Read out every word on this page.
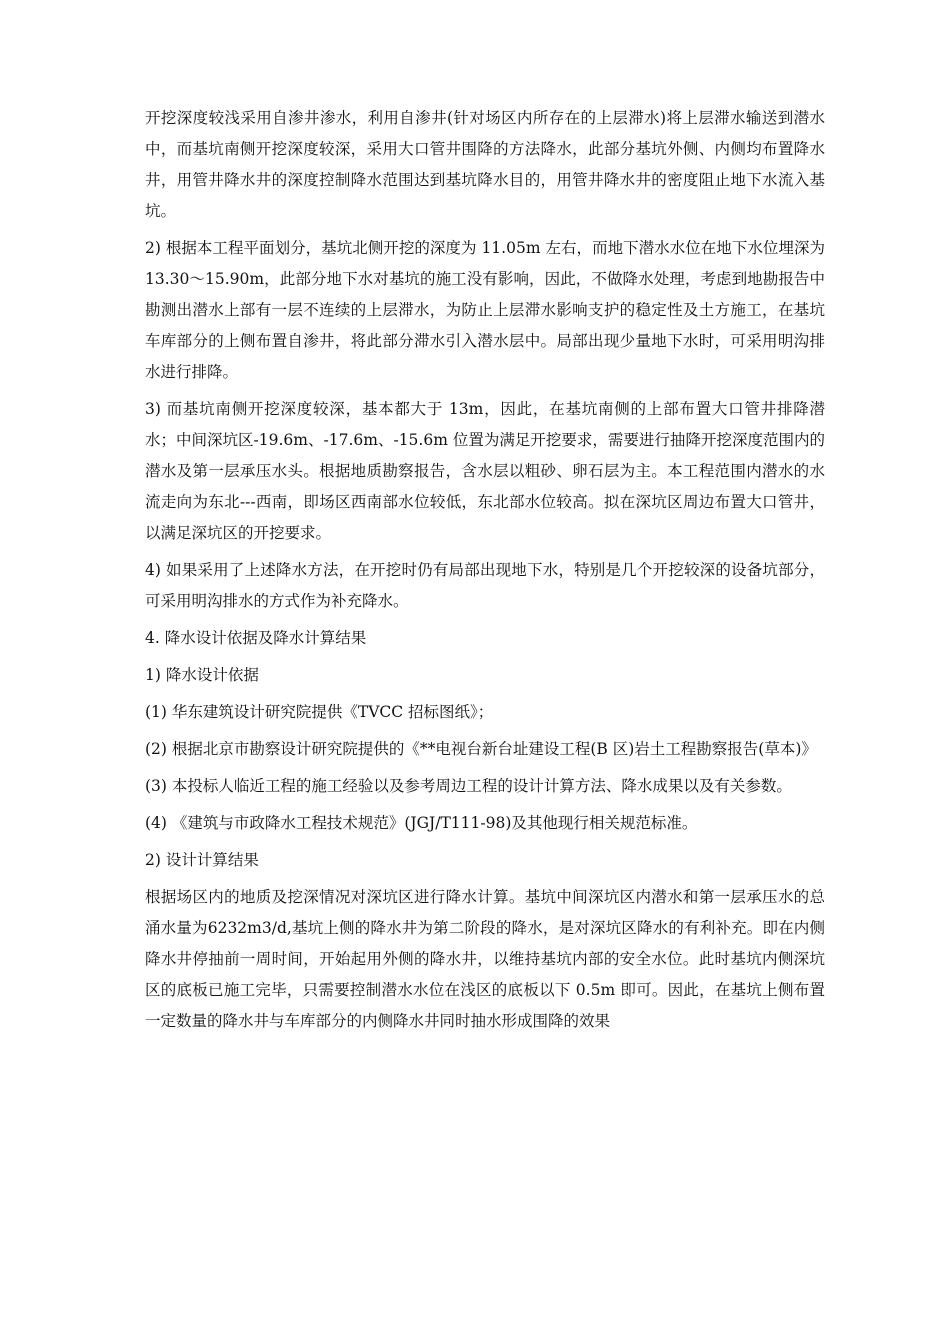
开挖深度较浅采用自渗井渗水，利用自渗井(针对场区内所存在的上层滞水)将上层滞水输送到潜水中，而基坑南侧开挖深度较深，采用大口管井围降的方法降水，此部分基坑外侧、内侧均布置降水井，用管井降水井的深度控制降水范围达到基坑降水目的，用管井降水井的密度阻止地下水流入基坑。

2) 根据本工程平面划分，基坑北侧开挖的深度为 11.05m 左右，而地下潜水水位在地下水位埋深为 13.30～15.90m，此部分地下水对基坑的施工没有影响，因此，不做降水处理，考虑到地勘报告中勘测出潜水上部有一层不连续的上层滞水，为防止上层滞水影响支护的稳定性及土方施工，在基坑车库部分的上侧布置自渗井，将此部分滞水引入潜水层中。局部出现少量地下水时，可采用明沟排水进行排降。

3) 而基坑南侧开挖深度较深，基本都大于 13m，因此，在基坑南侧的上部布置大口管井排降潜水；中间深坑区-19.6m、-17.6m、-15.6m 位置为满足开挖要求，需要进行抽降开挖深度范围内的潜水及第一层承压水头。根据地质勘察报告，含水层以粗砂、卵石层为主。本工程范围内潜水的水流走向为东北---西南，即场区西南部水位较低，东北部水位较高。拟在深坑区周边布置大口管井，以满足深坑区的开挖要求。

4) 如果采用了上述降水方法，在开挖时仍有局部出现地下水，特别是几个开挖较深的设备坑部分，可采用明沟排水的方式作为补充降水。

4. 降水设计依据及降水计算结果

1) 降水设计依据

(1) 华东建筑设计研究院提供《TVCC 招标图纸》；

(2) 根据北京市勘察设计研究院提供的《**电视台新台址建设工程(B 区)岩土工程勘察报告(草本)》

(3) 本投标人临近工程的施工经验以及参考周边工程的设计计算方法、降水成果以及有关参数。

(4) 《建筑与市政降水工程技术规范》(JGJ/T111-98)及其他现行相关规范标准。

2) 设计计算结果

根据场区内的地质及挖深情况对深坑区进行降水计算。基坑中间深坑区内潜水和第一层承压水的总涌水量为6232m3/d,基坑上侧的降水井为第二阶段的降水，是对深坑区降水的有利补充。即在内侧降水井停抽前一周时间，开始起用外侧的降水井，以维持基坑内部的安全水位。此时基坑内侧深坑区的底板已施工完毕，只需要控制潜水水位在浅区的底板以下 0.5m 即可。因此，在基坑上侧布置一定数量的降水井与车库部分的内侧降水井同时抽水形成围降的效果
